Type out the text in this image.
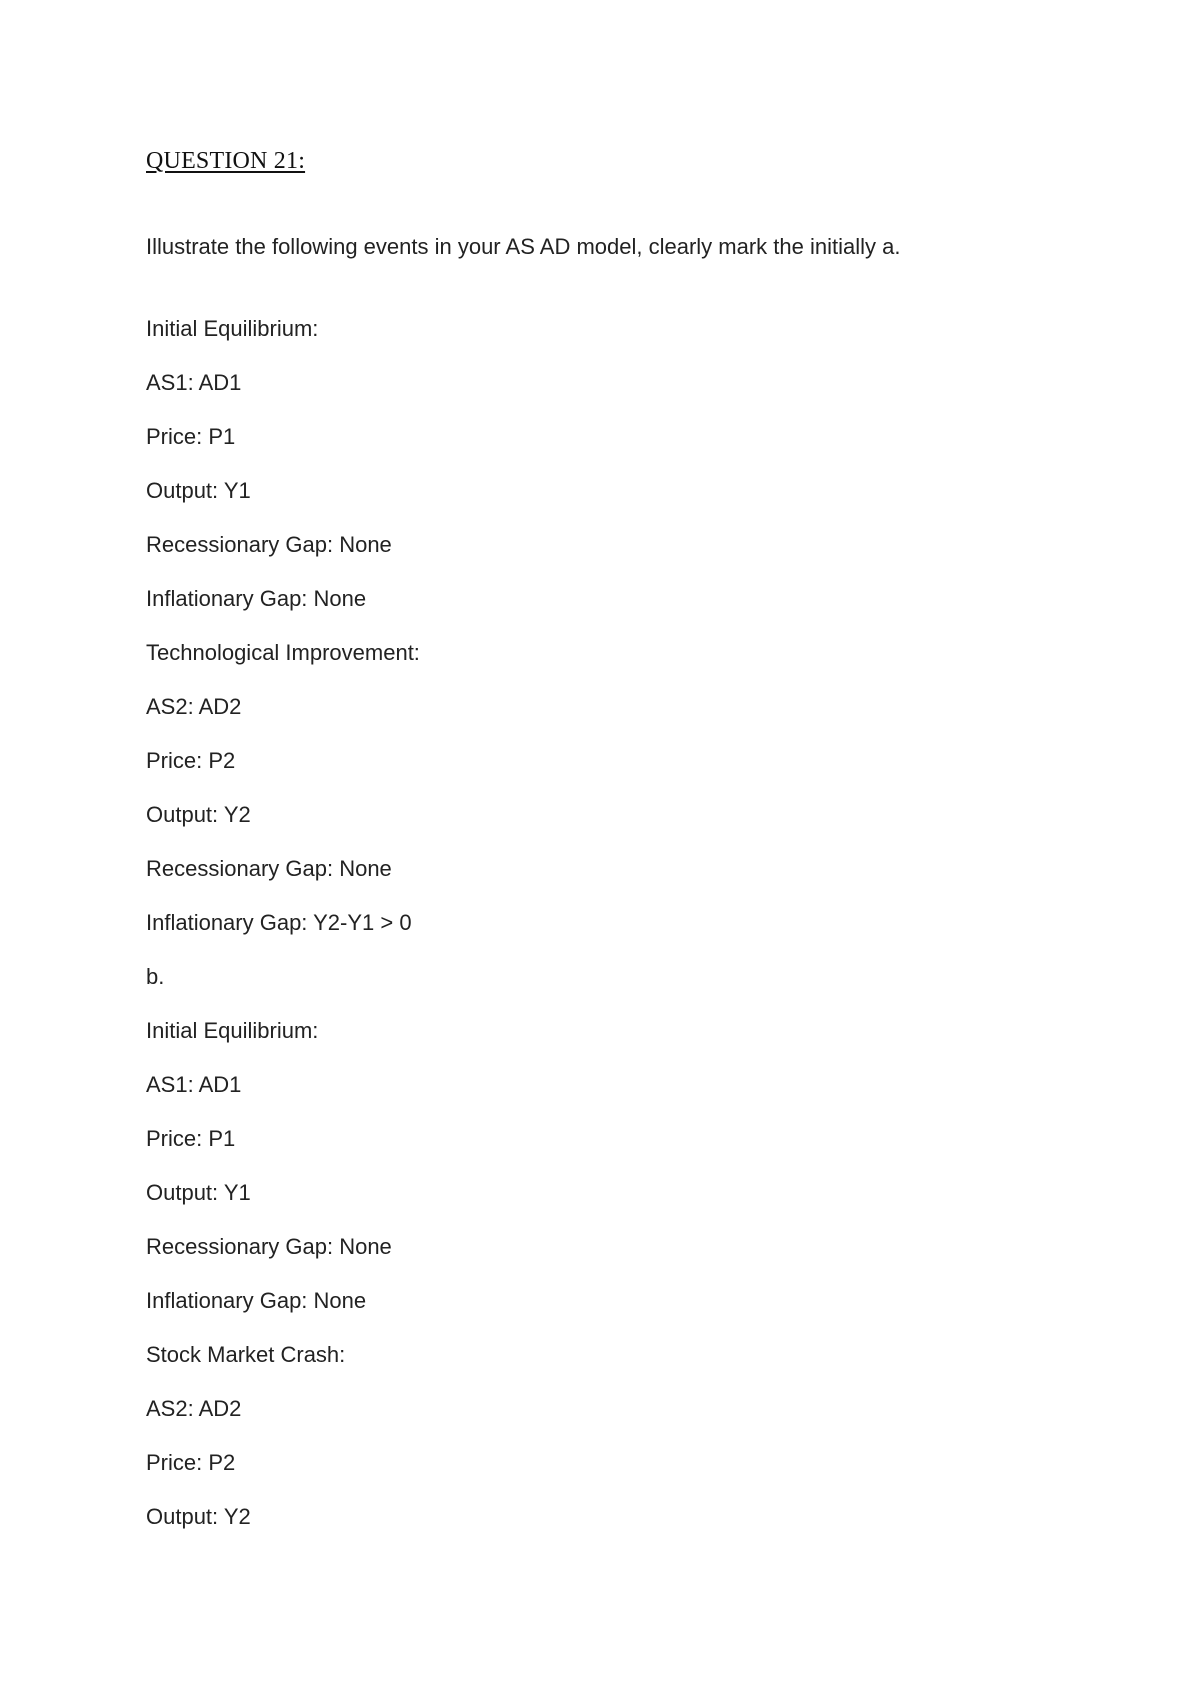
QUESTION 21:

Illustrate the following events in your AS AD model, clearly mark the initially a.

Initial Equilibrium:
AS1: AD1
Price: P1
Output: Y1
Recessionary Gap: None
Inflationary Gap: None
Technological Improvement:
AS2: AD2
Price: P2
Output: Y2
Recessionary Gap: None
Inflationary Gap: Y2-Y1 > 0
b.
Initial Equilibrium:
AS1: AD1
Price: P1
Output: Y1
Recessionary Gap: None
Inflationary Gap: None
Stock Market Crash:
AS2: AD2
Price: P2
Output: Y2
